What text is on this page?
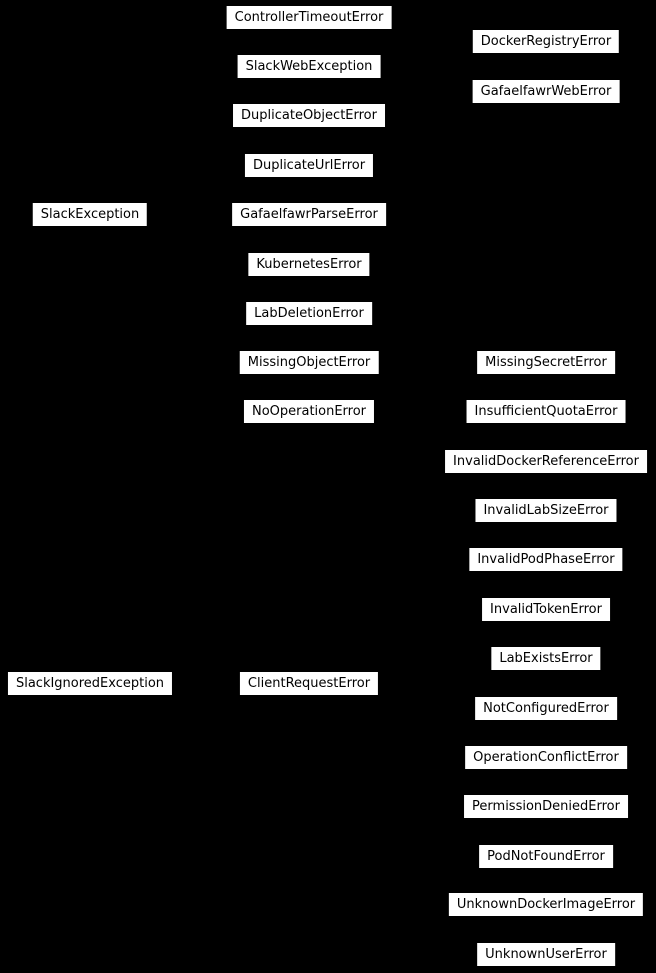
ControllerTimeoutError
DockerRegistryError
SlackWebException
GafaelfawrWebError
DuplicateObjectError
DuplicateUrlError
SlackException	GafaelfawrParseError
KubernetesError
LabDeletionError
MissingObjectError	MissingSecretError
NoOperationError	InsufficientQuotaError
InvalidDockerReferenceError
InvalidLabSizeError
InvalidPodPhaseError
InvalidTokenError
LabExistsError
SlackIgnoredException	ClientRequestError
NotConfiguredError
OperationConflictError
PermissionDeniedError
PodNotFoundError
UnknownDockerImageError
UnknownUserError
